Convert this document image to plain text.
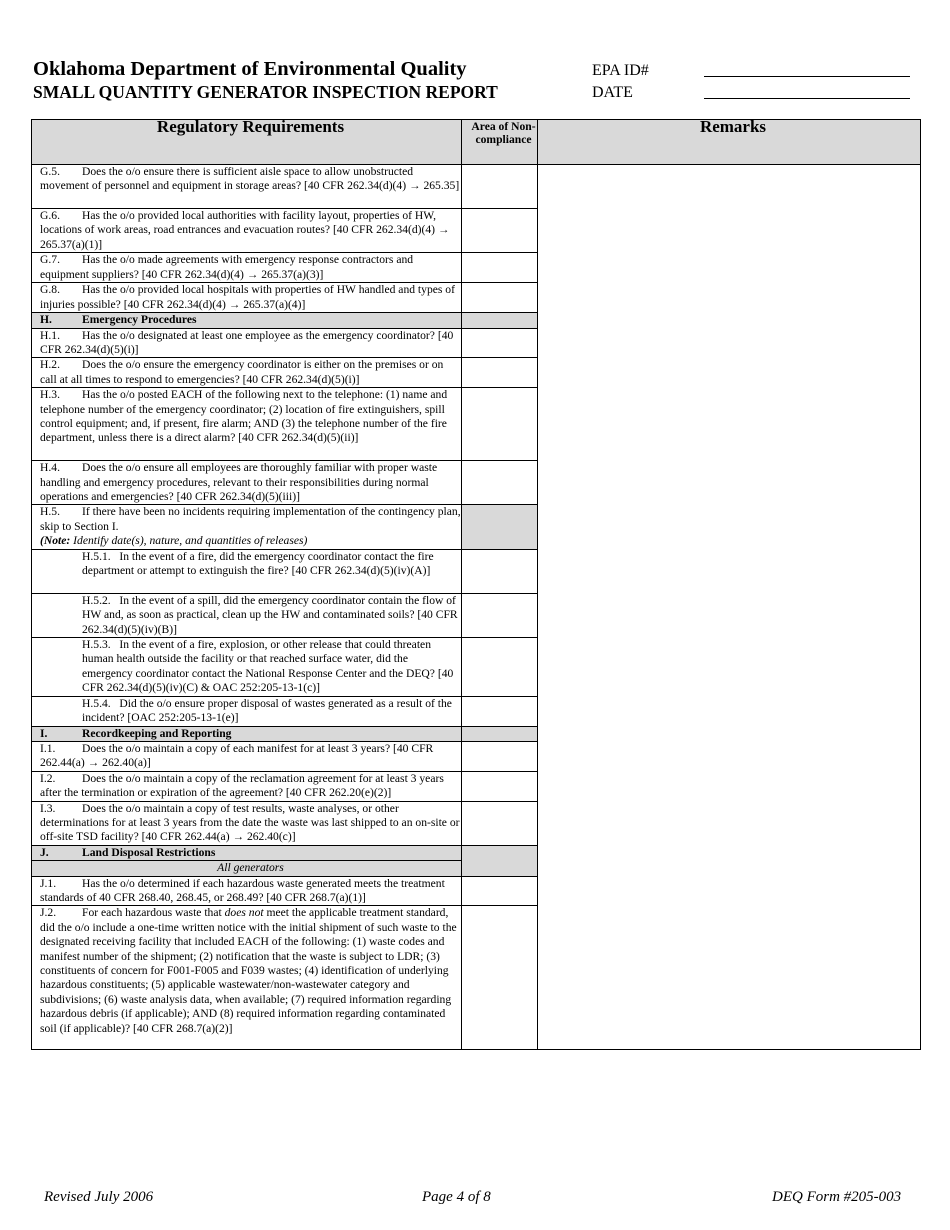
Oklahoma Department of Environmental Quality
SMALL QUANTITY GENERATOR INSPECTION REPORT
EPA ID#
DATE
Regulatory Requirements	Area of Non-compliance	Remarks
G.5. Does the o/o ensure there is sufficient aisle space to allow unobstructed movement of personnel and equipment in storage areas? [40 CFR 262.34(d)(4) → 265.35]		
G.6. Has the o/o provided local authorities with facility layout, properties of HW, locations of work areas, road entrances and evacuation routes? [40 CFR 262.34(d)(4) → 265.37(a)(1)]		
G.7. Has the o/o made agreements with emergency response contractors and equipment suppliers? [40 CFR 262.34(d)(4) → 265.37(a)(3)]		
G.8. Has the o/o provided local hospitals with properties of HW handled and types of injuries possible? [40 CFR 262.34(d)(4) → 265.37(a)(4)]		
H. Emergency Procedures		
H.1. Has the o/o designated at least one employee as the emergency coordinator? [40 CFR 262.34(d)(5)(i)]		
H.2. Does the o/o ensure the emergency coordinator is either on the premises or on call at all times to respond to emergencies? [40 CFR 262.34(d)(5)(i)]		
H.3. Has the o/o posted EACH of the following next to the telephone: (1) name and telephone number of the emergency coordinator; (2) location of fire extinguishers, spill control equipment; and, if present, fire alarm; AND (3) the telephone number of the fire department, unless there is a direct alarm? [40 CFR 262.34(d)(5)(ii)]		
H.4. Does the o/o ensure all employees are thoroughly familiar with proper waste handling and emergency procedures, relevant to their responsibilities during normal operations and emergencies? [40 CFR 262.34(d)(5)(iii)]		
H.5. If there have been no incidents requiring implementation of the contingency plan, skip to Section I.
(Note: Identify date(s), nature, and quantities of releases)		
H.5.1. In the event of a fire, did the emergency coordinator contact the fire department or attempt to extinguish the fire? [40 CFR 262.34(d)(5)(iv)(A)]		
H.5.2. In the event of a spill, did the emergency coordinator contain the flow of HW and, as soon as practical, clean up the HW and contaminated soils? [40 CFR 262.34(d)(5)(iv)(B)]		
H.5.3. In the event of a fire, explosion, or other release that could threaten human health outside the facility or that reached surface water, did the emergency coordinator contact the National Response Center and the DEQ? [40 CFR 262.34(d)(5)(iv)(C) & OAC 252:205-13-1(c)]		
H.5.4. Did the o/o ensure proper disposal of wastes generated as a result of the incident? [OAC 252:205-13-1(e)]		
I. Recordkeeping and Reporting		
I.1. Does the o/o maintain a copy of each manifest for at least 3 years? [40 CFR 262.44(a) → 262.40(a)]		
I.2. Does the o/o maintain a copy of the reclamation agreement for at least 3 years after the termination or expiration of the agreement? [40 CFR 262.20(e)(2)]		
I.3. Does the o/o maintain a copy of test results, waste analyses, or other determinations for at least 3 years from the date the waste was last shipped to an on-site or off-site TSD facility? [40 CFR 262.44(a) → 262.40(c)]		
J. Land Disposal Restrictions		
All generators		
J.1. Has the o/o determined if each hazardous waste generated meets the treatment standards of 40 CFR 268.40, 268.45, or 268.49? [40 CFR 268.7(a)(1)]		
J.2. For each hazardous waste that does not meet the applicable treatment standard, did the o/o include a one-time written notice with the initial shipment of such waste to the designated receiving facility that included EACH of the following: (1) waste codes and manifest number of the shipment; (2) notification that the waste is subject to LDR; (3) constituents of concern for F001-F005 and F039 wastes; (4) identification of underlying hazardous constituents; (5) applicable wastewater/non-wastewater category and subdivisions; (6) waste analysis data, when available; (7) required information regarding hazardous debris (if applicable); AND (8) required information regarding contaminated soil (if applicable)? [40 CFR 268.7(a)(2)]		
Revised July 2006	Page 4 of 8	DEQ Form #205-003
